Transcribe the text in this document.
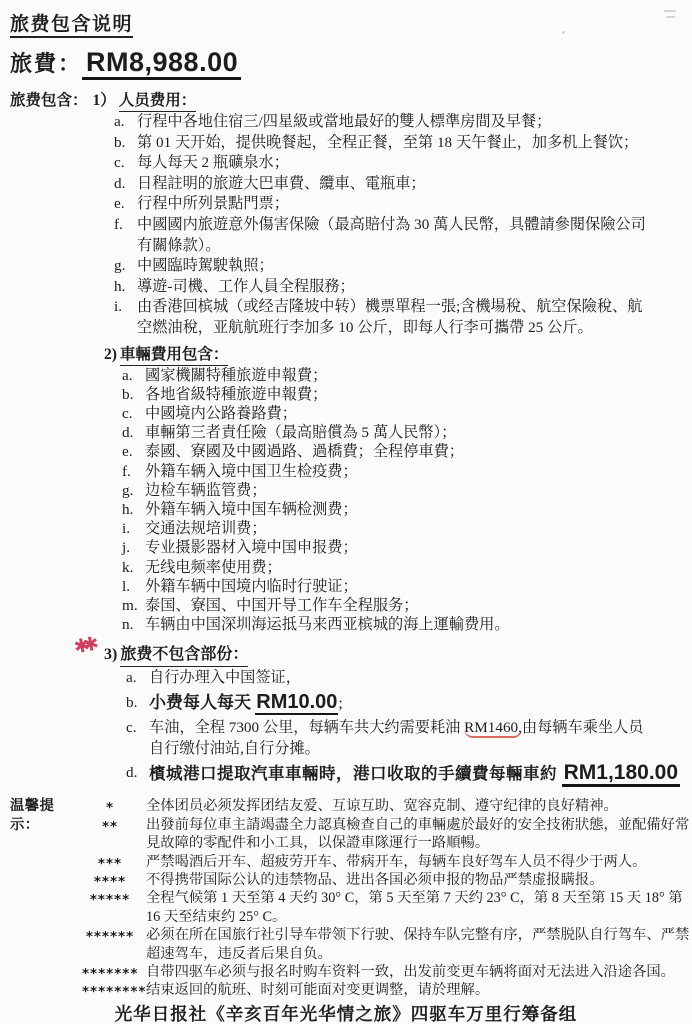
旅费包含说明
旅費： RM8,988.00
旅费包含： 1） 人员费用：
a. 行程中各地住宿三/四星級或當地最好的雙人標準房間及早餐；
b. 第 01 天开始，提供晚餐起，全程正餐，至第 18 天午餐止，加多机上餐饮；
c. 每人每天 2 瓶礦泉水；
d. 日程註明的旅遊大巴車費、纜車、電瓶車；
e. 行程中所列景點門票；
f. 中國國内旅遊意外傷害保險（最高賠付為 30 萬人民幣，具體請參閱保險公司有關條款）。
g. 中國臨時駕駛執照；
h. 導遊-司機、工作人員全程服務；
i. 由香港回槟城（或经吉隆坡中转）機票單程一張;含機場稅、航空保險稅、航空燃油稅，亚航航班行李加多 10 公斤，即每人行李可攜帶 25 公斤。
2) 車輛費用包含：
a. 國家機關特種旅遊申報費；
b. 各地省級特種旅遊申報費；
c. 中國境内公路養路費；
d. 車輛第三者責任險（最高賠償為 5 萬人民幣）；
e. 泰國、寮國及中國過路、過橋費；全程停車費；
f. 外籍车辆入境中国卫生检疫费；
g. 边检车辆监管费；
h. 外籍车辆入境中国车辆检测费；
i. 交通法规培训费；
j. 专业摄影器材入境中国申报费；
k. 无线电频率使用费；
l. 外籍车辆中国境内临时行驶证；
m. 泰国、寮国、中国开导工作车全程服务；
n. 车辆由中国深圳海运抵马来西亚槟城的海上運輸费用。
✱✱ 3) 旅费不包含部份：
a. 自行办理入中国签证，
b. 小费每人每天 RM10.00;
c. 车油，全程 7300 公里，每辆车共大约需要耗油 RM1460,由每辆车乘坐人员自行缴付油站,自行分摊。
d. 檳城港口提取汽車車輛時，港口收取的手續費每輛車約 RM1,180.00
温馨提示：
*	全体团员必须发挥团结友爱、互谅互助、宽容克制、遵守纪律的良好精神。
**	出發前每位車主請竭盡全力認真檢查自己的車輛處於最好的安全技術狀態，並配備好常見故障的零配件和小工具，以保證車隊運行一路順暢。
***	严禁喝酒后开车、超疲劳开车、带病开车，每辆车良好驾车人员不得少于两人。
****	不得携带国际公认的违禁物品、进出各国必须申报的物品严禁虚报瞒报。
*****	全程气候第 1 天至第 4 天约 30° C，第 5 天至第 7 天约 23° C，第 8 天至第 15 天 18° 第 16 天至结束约 25° C。
****** 必须在所在国旅行社引导车带领下行驶、保持车队完整有序，严禁脱队自行驾车、严禁超速驾车，违反者后果自负。
******* 自带四驱车必须与报名时购车资料一致，出发前变更车辆将面对无法进入沿途各国。
******** 结束返回的航班、时刻可能面对变更调整，请於理解。
光华日报社《辛亥百年光华情之旅》四驱车万里行筹备组
